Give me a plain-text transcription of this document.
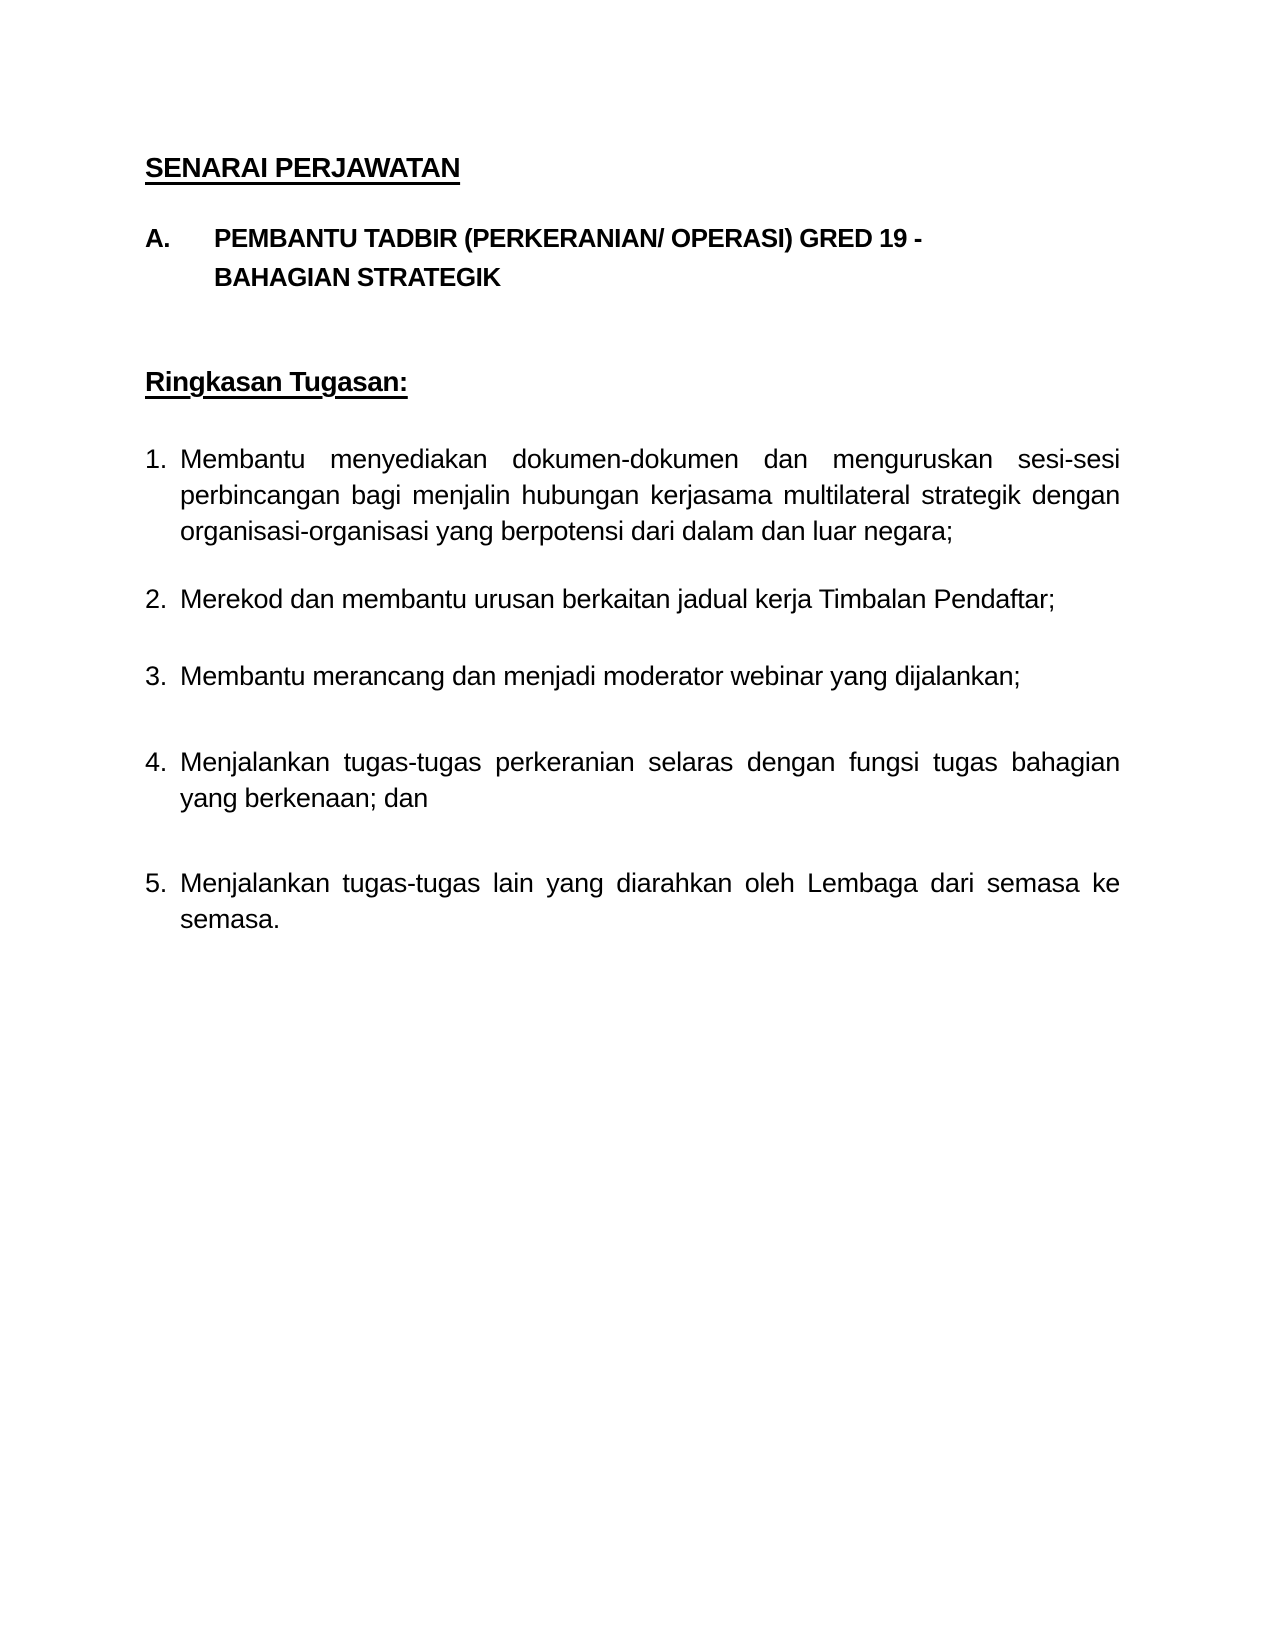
SENARAI PERJAWATAN
A. PEMBANTU TADBIR (PERKERANIAN/ OPERASI) GRED 19 -
BAHAGIAN STRATEGIK
Ringkasan Tugasan:
1. Membantu menyediakan dokumen-dokumen dan menguruskan sesi-sesi perbincangan bagi menjalin hubungan kerjasama multilateral strategik dengan organisasi-organisasi yang berpotensi dari dalam dan luar negara;
2. Merekod dan membantu urusan berkaitan jadual kerja Timbalan Pendaftar;
3. Membantu merancang dan menjadi moderator webinar yang dijalankan;
4. Menjalankan tugas-tugas perkeranian selaras dengan fungsi tugas bahagian yang berkenaan; dan
5. Menjalankan tugas-tugas lain yang diarahkan oleh Lembaga dari semasa ke semasa.
